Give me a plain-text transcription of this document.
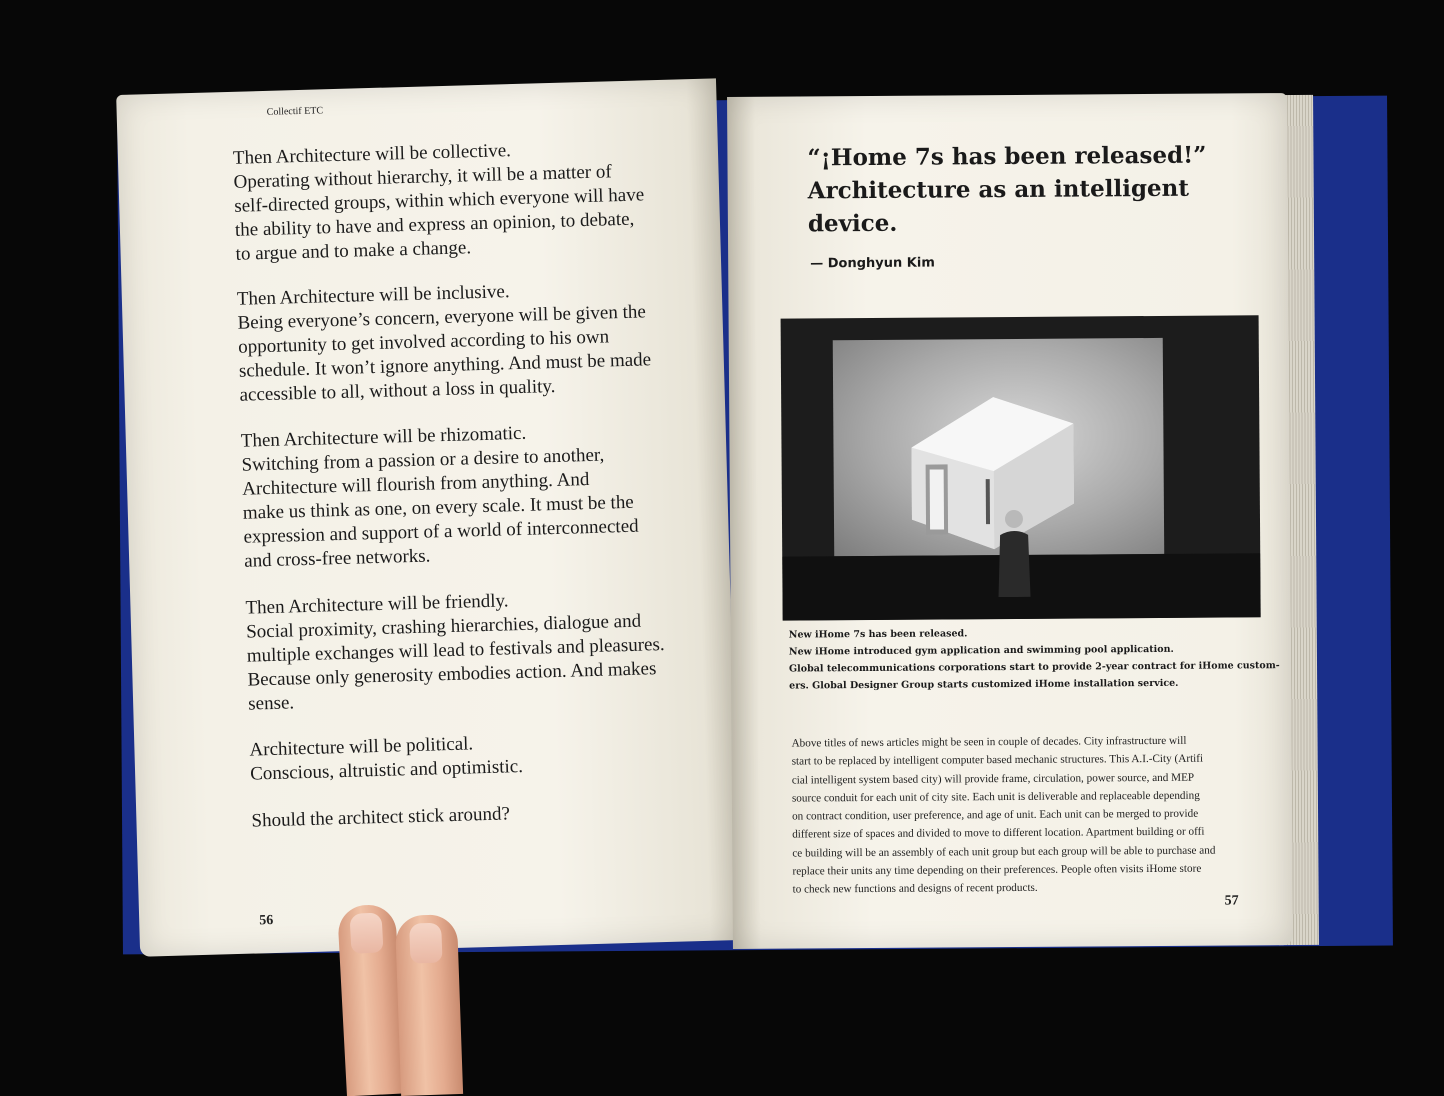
Collectif ETC
Then Architecture will be collective.
Operating without hierarchy, it will be a matter of
self-directed groups, within which everyone will have
the ability to have and express an opinion, to debate,
to argue and to make a change.
Then Architecture will be inclusive.
Being everyone’s concern, everyone will be given the
opportunity to get involved according to his own
schedule. It won’t ignore anything. And must be made
accessible to all, without a loss in quality.
Then Architecture will be rhizomatic.
Switching from a passion or a desire to another,
Architecture will flourish from anything. And
make us think as one, on every scale. It must be the
expression and support of a world of interconnected
and cross-free networks.
Then Architecture will be friendly.
Social proximity, crashing hierarchies, dialogue and
multiple exchanges will lead to festivals and pleasures.
Because only generosity embodies action. And makes
sense.
Architecture will be political.
Conscious, altruistic and optimistic.
Should the architect stick around?
56
“¡Home 7s has been released!”
Architecture as an intelligent
device.
— Donghyun Kim
New iHome 7s has been released.
New iHome introduced gym application and swimming pool application.
Global telecommunications corporations start to provide 2-year contract for iHome custom-
ers. Global Designer Group starts customized iHome installation service.
Above titles of news articles might be seen in couple of decades. City infrastructure will
start to be replaced by intelligent computer based mechanic structures. This A.I.-City (Artifi
cial intelligent system based city) will provide frame, circulation, power source, and MEP
source conduit for each unit of city site. Each unit is deliverable and replaceable depending
on contract condition, user preference, and age of unit. Each unit can be merged to provide
different size of spaces and divided to move to different location. Apartment building or offi
ce building will be an assembly of each unit group but each group will be able to purchase and
replace their units any time depending on their preferences. People often visits iHome store
to check new functions and designs of recent products.
57
